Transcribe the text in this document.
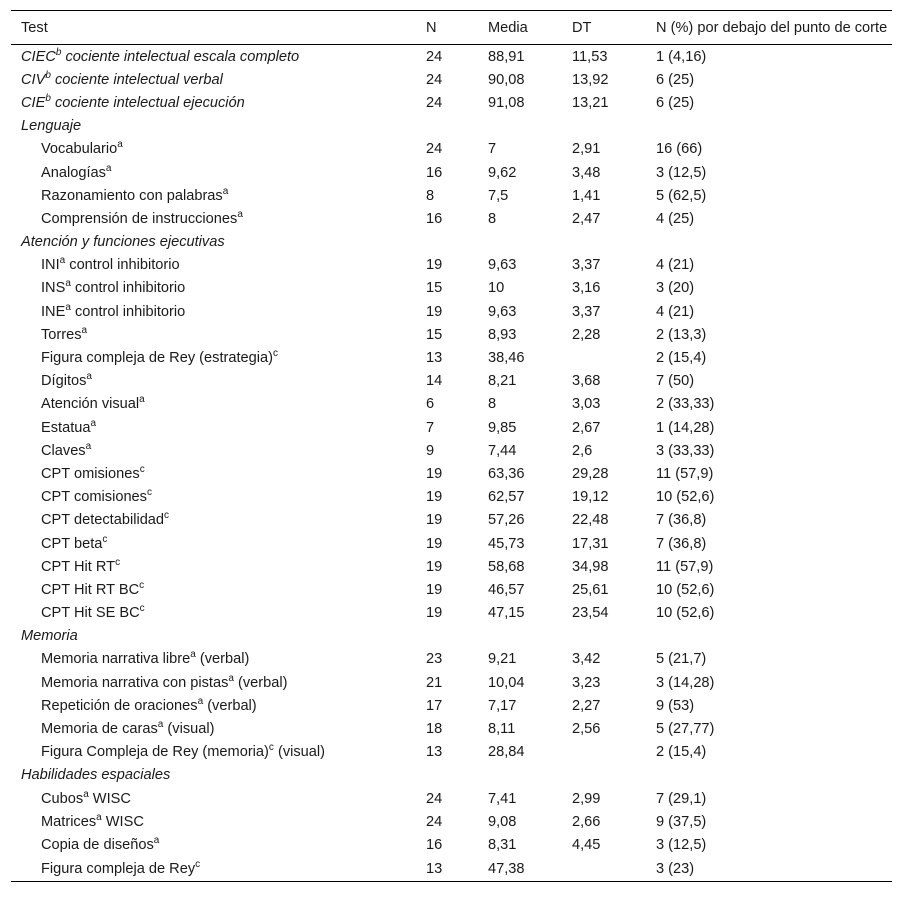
Test	N	Media	DT	N (%) por debajo del punto de corte
CIEC$^b$ cociente intelectual escala completo	24	88,91	11,53	1 (4,16)
CIV$^b$ cociente intelectual verbal	24	90,08	13,92	6 (25)
CIE$^b$ cociente intelectual ejecución	24	91,08	13,21	6 (25)
Lenguaje				
Vocabulario$^a$	24	7	2,91	16 (66)
Analogías$^a$	16	9,62	3,48	3 (12,5)
Razonamiento con palabras$^a$	8	7,5	1,41	5 (62,5)
Comprensión de instrucciones$^a$	16	8	2,47	4 (25)
Atención y funciones ejecutivas				
INI$^a$ control inhibitorio	19	9,63	3,37	4 (21)
INS$^a$ control inhibitorio	15	10	3,16	3 (20)
INE$^a$ control inhibitorio	19	9,63	3,37	4 (21)
Torres$^a$	15	8,93	2,28	2 (13,3)
Figura compleja de Rey (estrategia)$^c$	13	38,46		2 (15,4)
Dígitos$^a$	14	8,21	3,68	7 (50)
Atención visual$^a$	6	8	3,03	2 (33,33)
Estatua$^a$	7	9,85	2,67	1 (14,28)
Claves$^a$	9	7,44	2,6	3 (33,33)
CPT omisiones$^c$	19	63,36	29,28	11 (57,9)
CPT comisiones$^c$	19	62,57	19,12	10 (52,6)
CPT detectabilidad$^c$	19	57,26	22,48	7 (36,8)
CPT beta$^c$	19	45,73	17,31	7 (36,8)
CPT Hit $RT^c$	19	58,68	34,98	11 (57,9)
CPT Hit RT $BC^c$	19	46,57	25,61	10 (52,6)
CPT Hit SE $BC^c$	19	47,15	23,54	10 (52,6)
Memoria				
Memoria narrativa libre$^a$ (verbal)	23	9,21	3,42	5 (21,7)
Memoria narrativa con pistas$^a$ (verbal)	21	10,04	3,23	3 (14,28)
Repetición de oraciones$^a$ (verbal)	17	7,17	2,27	9 (53)
Memoria de caras$^a$ (visual)	18	8,11	2,56	5 (27,77)
Figura Compleja de Rey (memoria)$^c$ (visual)	13	28,84		2 (15,4)
Habilidades espaciales				
Cubos$^a$ WISC	24	7,41	2,99	7 (29,1)
Matrices$^a$ WISC	24	9,08	2,66	9 (37,5)
Copia de diseños$^a$	16	8,31	4,45	3 (12,5)
Figura compleja de Rey$^c$	13	47,38		3 (23)
